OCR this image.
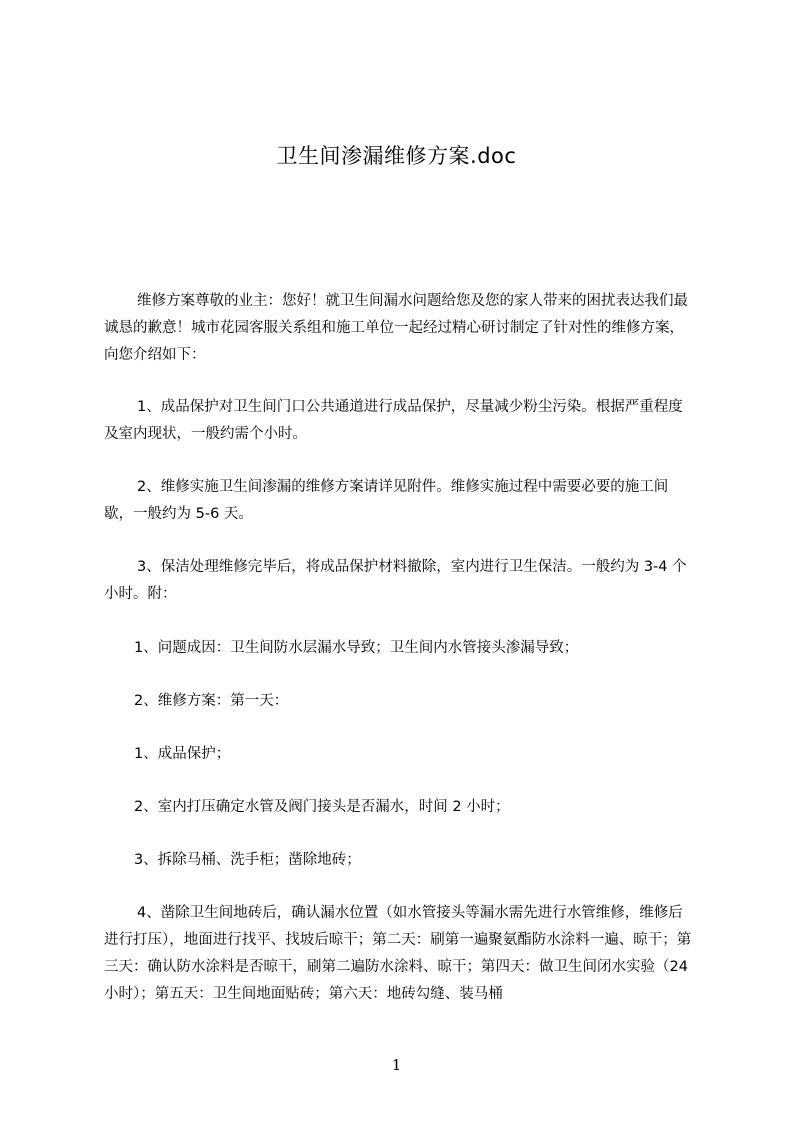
卫生间渗漏维修方案.doc

维修方案尊敬的业主：您好！就卫生间漏水问题给您及您的家人带来的困扰表达我们最诚恳的歉意！城市花园客服关系组和施工单位一起经过精心研讨制定了针对性的维修方案，向您介绍如下：

1、成品保护对卫生间门口公共通道进行成品保护，尽量减少粉尘污染。根据严重程度及室内现状，一般约需个小时。

2、维修实施卫生间渗漏的维修方案请详见附件。维修实施过程中需要必要的施工间歇，一般约为 5-6 天。

3、保洁处理维修完毕后，将成品保护材料撤除，室内进行卫生保洁。一般约为 3-4 个小时。附：

1、问题成因：卫生间防水层漏水导致；卫生间内水管接头渗漏导致；

2、维修方案：第一天：

1、成品保护；

2、室内打压确定水管及阀门接头是否漏水，时间 2 小时；

3、拆除马桶、洗手柜；凿除地砖；

4、凿除卫生间地砖后，确认漏水位置（如水管接头等漏水需先进行水管维修，维修后进行打压），地面进行找平、找坡后晾干；第二天：刷第一遍聚氨酯防水涂料一遍、晾干；第三天：确认防水涂料是否晾干，刷第二遍防水涂料、晾干；第四天：做卫生间闭水实验（24 小时）；第五天：卫生间地面贴砖；第六天：地砖勾缝、装马桶

1
